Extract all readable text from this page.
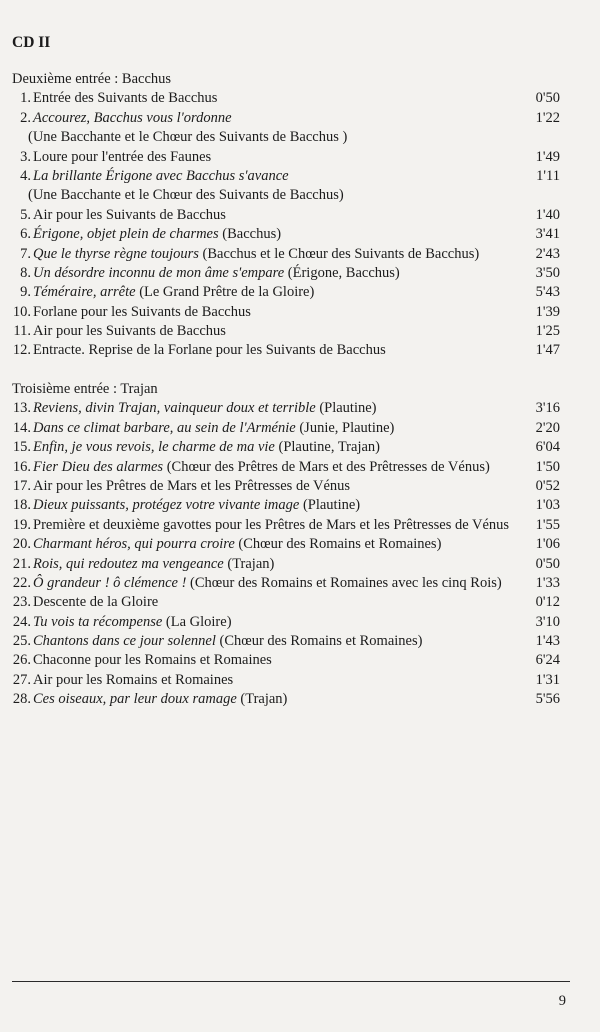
CD II
Deuxième entrée : Bacchus
1. Entrée des Suivants de Bacchus	0'50
2. Accourez, Bacchus vous l'ordonne	1'22
(Une Bacchante et le Chœur des Suivants de Bacchus )
3. Loure pour l'entrée des Faunes	1'49
4. La brillante Érigone avec Bacchus s'avance	1'11
(Une Bacchante et le Chœur des Suivants de Bacchus)
5. Air pour les Suivants de Bacchus	1'40
6. Érigone, objet plein de charmes (Bacchus)	3'41
7. Que le thyrse règne toujours (Bacchus et le Chœur des Suivants de Bacchus)	2'43
8. Un désordre inconnu de mon âme s'empare (Érigone, Bacchus)	3'50
9. Téméraire, arrête (Le Grand Prêtre de la Gloire)	5'43
10. Forlane pour les Suivants de Bacchus	1'39
11. Air pour les Suivants de Bacchus	1'25
12. Entracte. Reprise de la Forlane pour les Suivants de Bacchus	1'47
Troisième entrée : Trajan
13. Reviens, divin Trajan, vainqueur doux et terrible (Plautine)	3'16
14. Dans ce climat barbare, au sein de l'Arménie (Junie, Plautine)	2'20
15. Enfin, je vous revois, le charme de ma vie (Plautine, Trajan)	6'04
16. Fier Dieu des alarmes (Chœur des Prêtres de Mars et des Prêtresses de Vénus)	1'50
17. Air pour les Prêtres de Mars et les Prêtresses de Vénus	0'52
18. Dieux puissants, protégez votre vivante image (Plautine)	1'03
19. Première et deuxième gavottes pour les Prêtres de Mars et les Prêtresses de Vénus	1'55
20. Charmant héros, qui pourra croire (Chœur des Romains et Romaines)	1'06
21. Rois, qui redoutez ma vengeance (Trajan)	0'50
22. Ô grandeur ! ô clémence ! (Chœur des Romains et Romaines avec les cinq Rois)	1'33
23. Descente de la Gloire	0'12
24. Tu vois ta récompense (La Gloire)	3'10
25. Chantons dans ce jour solennel (Chœur des Romains et Romaines)	1'43
26. Chaconne pour les Romains et Romaines	6'24
27. Air pour les Romains et Romaines	1'31
28. Ces oiseaux, par leur doux ramage (Trajan)	5'56
9
